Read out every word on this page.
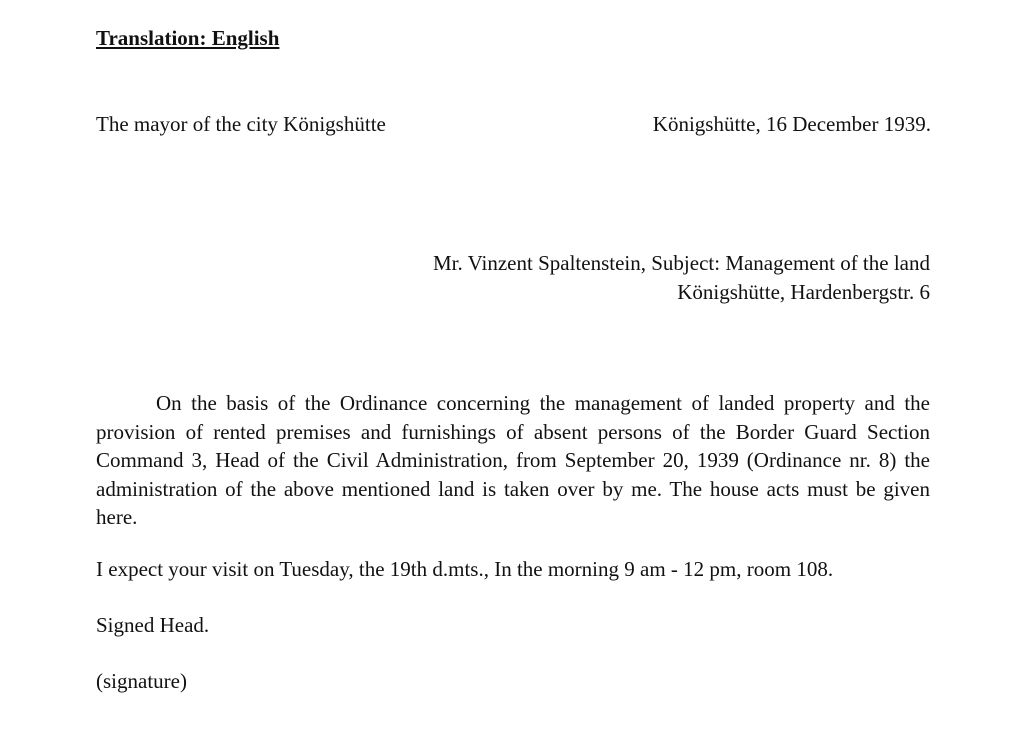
Translation: English
The mayor of the city Königshütte	Königshütte, 16 December 1939.
Mr. Vinzent Spaltenstein, Subject: Management of the land
Königshütte, Hardenbergstr. 6
On the basis of the Ordinance concerning the management of landed property and the provision of rented premises and furnishings of absent persons of the Border Guard Section Command 3, Head of the Civil Administration, from September 20, 1939 (Ordinance nr. 8) the administration of the above mentioned land is taken over by me. The house acts must be given here.
I expect your visit on Tuesday, the 19th d.mts., In the morning 9 am - 12 pm, room 108.
Signed Head.
(signature)
